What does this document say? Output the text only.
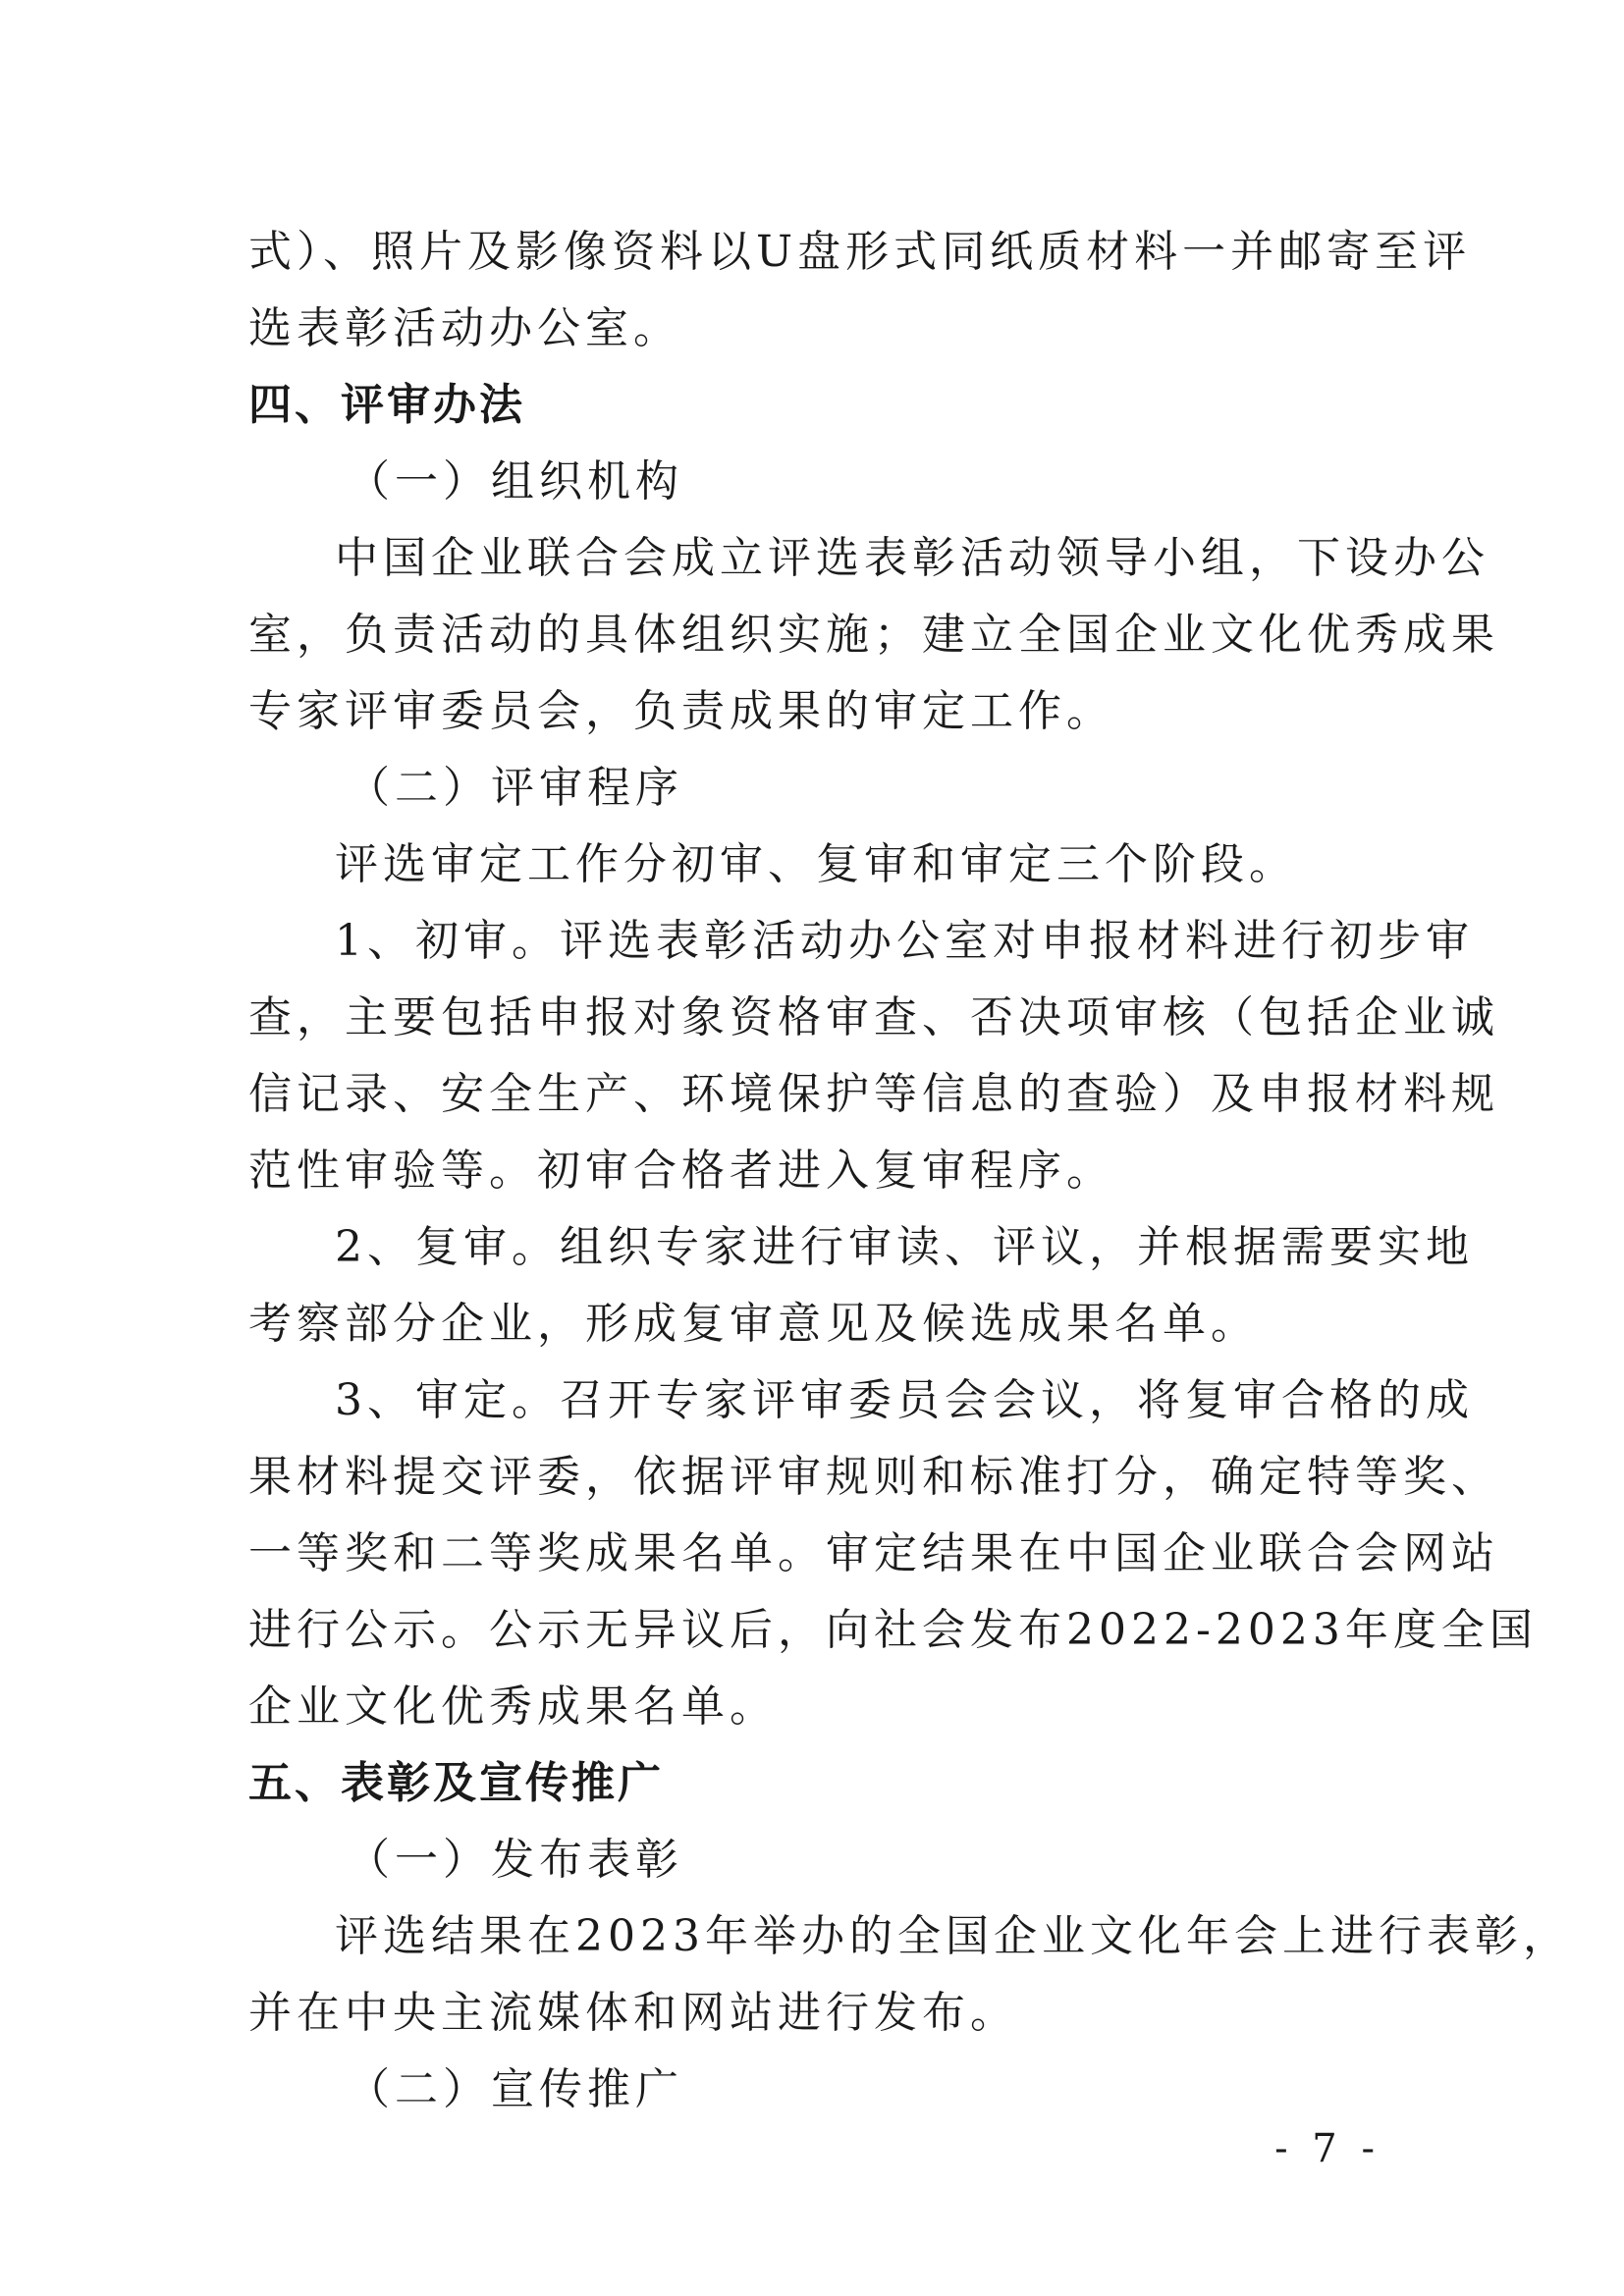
式）、照片及影像资料以U盘形式同纸质材料一并邮寄至评
选表彰活动办公室。
四、评审办法
（一）组织机构
中国企业联合会成立评选表彰活动领导小组，下设办公
室，负责活动的具体组织实施；建立全国企业文化优秀成果
专家评审委员会，负责成果的审定工作。
（二）评审程序
评选审定工作分初审、复审和审定三个阶段。
1、初审。评选表彰活动办公室对申报材料进行初步审
查，主要包括申报对象资格审查、否决项审核（包括企业诚
信记录、安全生产、环境保护等信息的查验）及申报材料规
范性审验等。初审合格者进入复审程序。
2、复审。组织专家进行审读、评议，并根据需要实地
考察部分企业，形成复审意见及候选成果名单。
3、审定。召开专家评审委员会会议，将复审合格的成
果材料提交评委，依据评审规则和标准打分，确定特等奖、
一等奖和二等奖成果名单。审定结果在中国企业联合会网站
进行公示。公示无异议后，向社会发布2022-2023年度全国
企业文化优秀成果名单。
五、表彰及宣传推广
（一）发布表彰
评选结果在2023年举办的全国企业文化年会上进行表彰，
并在中央主流媒体和网站进行发布。
（二）宣传推广
- 7 -
